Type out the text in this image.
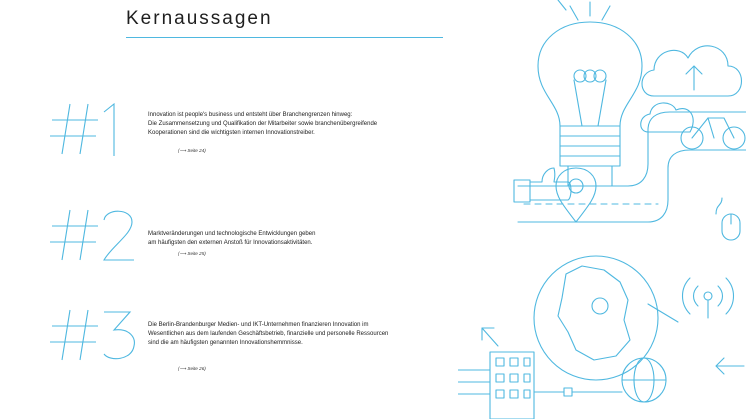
Kernaussagen

Innovation ist people's business und entsteht über Branchengrenzen hinweg:

Die Zusammensetzung und Qualifikation der Mitarbeiter sowie branchenübergreifende

Kooperationen sind die wichtigsten internen Innovationstreiber.

(⟶ Seite 24)

Marktveränderungen und technologische Entwicklungen geben

am häufigsten den externen Anstoß für Innovationsaktivitäten.

(⟶ Seite 25)

Die Berlin-Brandenburger Medien- und IKT-Unternehmen finanzieren Innovation im

Wesentlichen aus dem laufenden Geschäftsbetrieb, finanzielle und personelle Ressourcen

sind die am häufigsten genannten Innovationshemmnisse.

(⟶ Seite 26)
